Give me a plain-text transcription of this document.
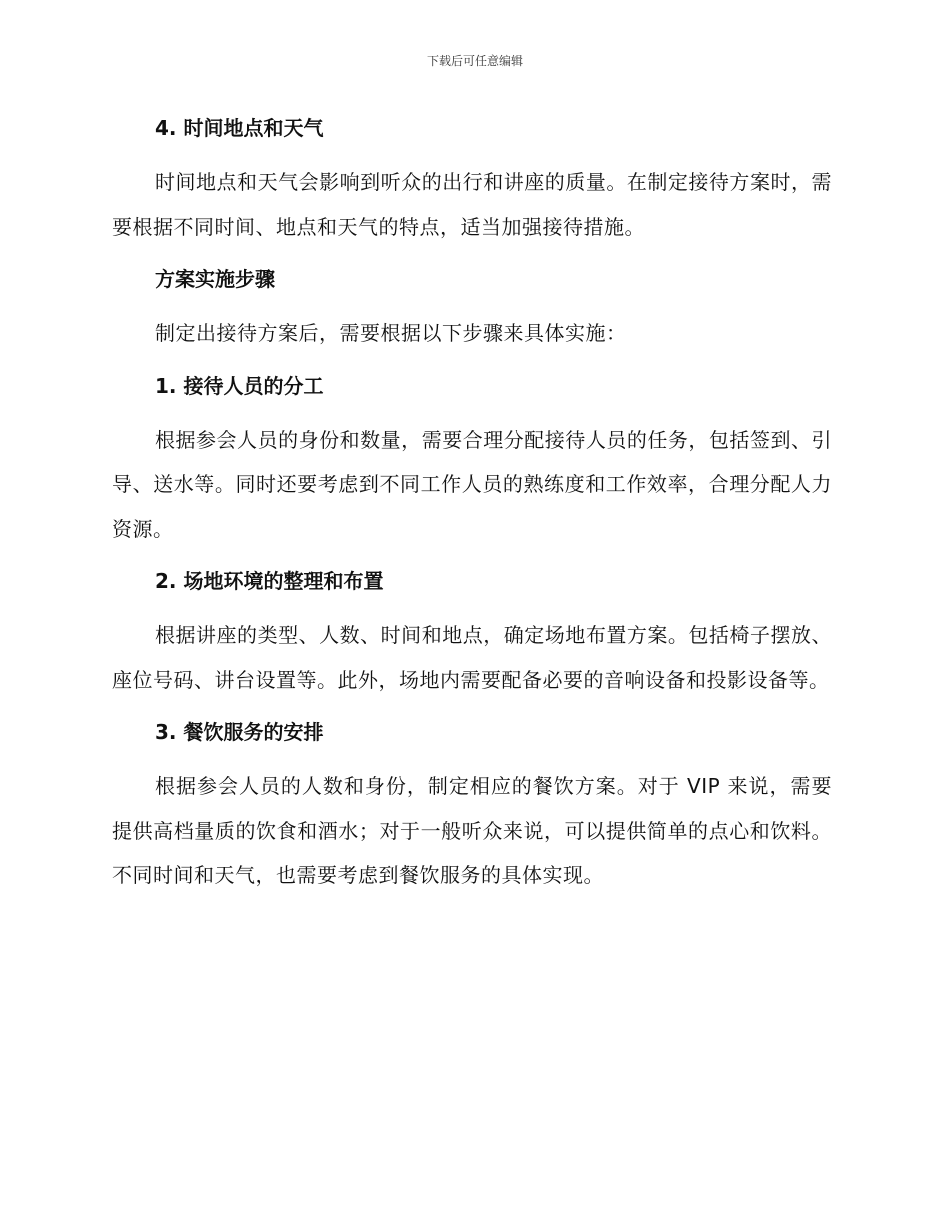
下载后可任意编辑
4. 时间地点和天气

时间地点和天气会影响到听众的出行和讲座的质量。在制定接待方案时，需要根据不同时间、地点和天气的特点，适当加强接待措施。

方案实施步骤

制定出接待方案后，需要根据以下步骤来具体实施：

1. 接待人员的分工

根据参会人员的身份和数量，需要合理分配接待人员的任务，包括签到、引导、送水等。同时还要考虑到不同工作人员的熟练度和工作效率，合理分配人力资源。

2. 场地环境的整理和布置

根据讲座的类型、人数、时间和地点，确定场地布置方案。包括椅子摆放、座位号码、讲台设置等。此外，场地内需要配备必要的音响设备和投影设备等。

3. 餐饮服务的安排

根据参会人员的人数和身份，制定相应的餐饮方案。对于 VIP 来说，需要提供高档量质的饮食和酒水；对于一般听众来说，可以提供简单的点心和饮料。不同时间和天气，也需要考虑到餐饮服务的具体实现。
